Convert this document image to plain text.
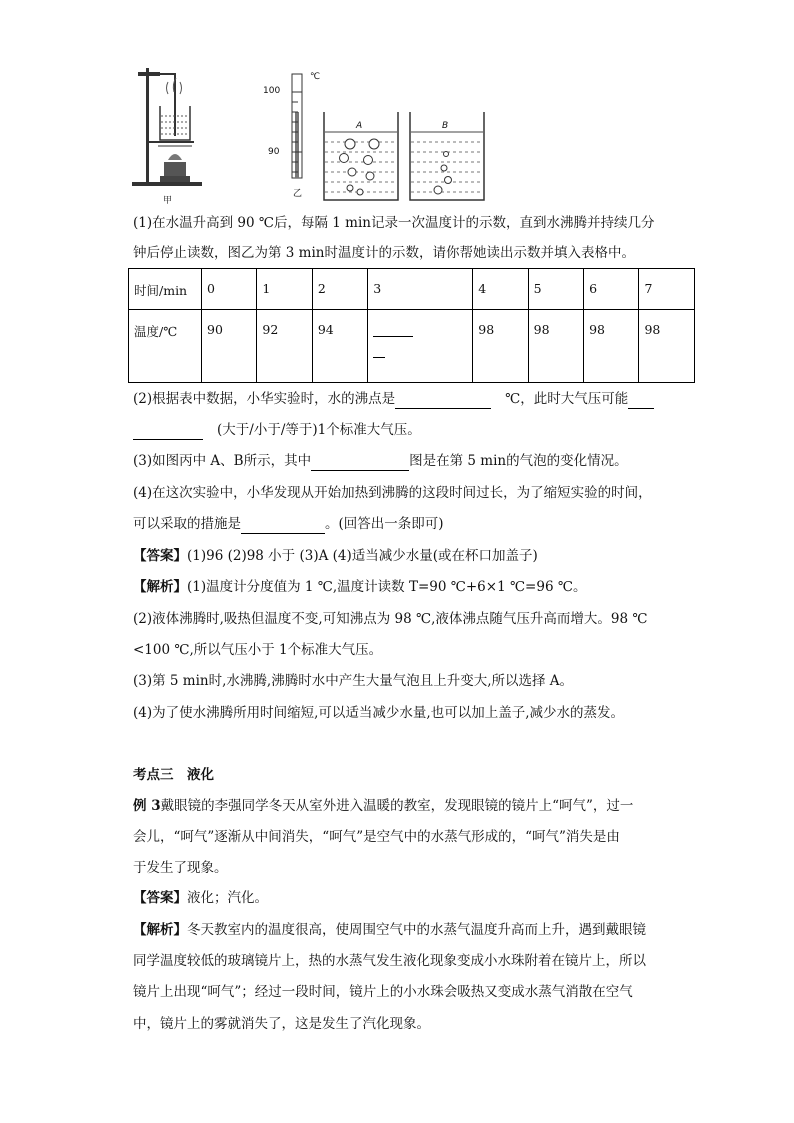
甲
℃
100
90
乙
A	B
(1)在水温升高到 90 ℃后，每隔 1 min记录一次温度计的示数，直到水沸腾并持续几分
钟后停止读数，图乙为第 3 min时温度计的示数，请你帮她读出示数并填入表格中。
时间/min	0	1	2	3	4	5	6	7
温度/℃	90	92	94		98	98	98	98
(2)根据表中数据，小华实验时，水的沸点是	℃，此时大气压可能
(大于/小于/等于)1个标准大气压。
(3)如图丙中 A、B所示，其中	图是在第 5 min的气泡的变化情况。
(4)在这次实验中，小华发现从开始加热到沸腾的这段时间过长，为了缩短实验的时间，
可以采取的措施是	。(回答出一条即可)
【答案】(1)96 (2)98 小于 (3)A (4)适当减少水量(或在杯口加盖子)
【解析】(1)温度计分度值为 1 ℃,温度计读数 T=90 ℃+6×1 ℃=96 ℃。
(2)液体沸腾时,吸热但温度不变,可知沸点为 98 ℃,液体沸点随气压升高而增大。98 ℃
<100 ℃,所以气压小于 1个标准大气压。
(3)第 5 min时,水沸腾,沸腾时水中产生大量气泡且上升变大,所以选择 A。
(4)为了使水沸腾所用时间缩短,可以适当减少水量,也可以加上盖子,减少水的蒸发。
考点三　液化
例 3戴眼镜的李强同学冬天从室外进入温暖的教室，发现眼镜的镜片上“呵气”，过一
会儿，“呵气”逐渐从中间消失，“呵气”是空气中的水蒸气形成的，“呵气”消失是由
于发生了现象。
【答案】液化；汽化。
【解析】冬天教室内的温度很高，使周围空气中的水蒸气温度升高而上升，遇到戴眼镜
同学温度较低的玻璃镜片上，热的水蒸气发生液化现象变成小水珠附着在镜片上，所以
镜片上出现“呵气”；经过一段时间，镜片上的小水珠会吸热又变成水蒸气消散在空气
中，镜片上的雾就消失了，这是发生了汽化现象。
